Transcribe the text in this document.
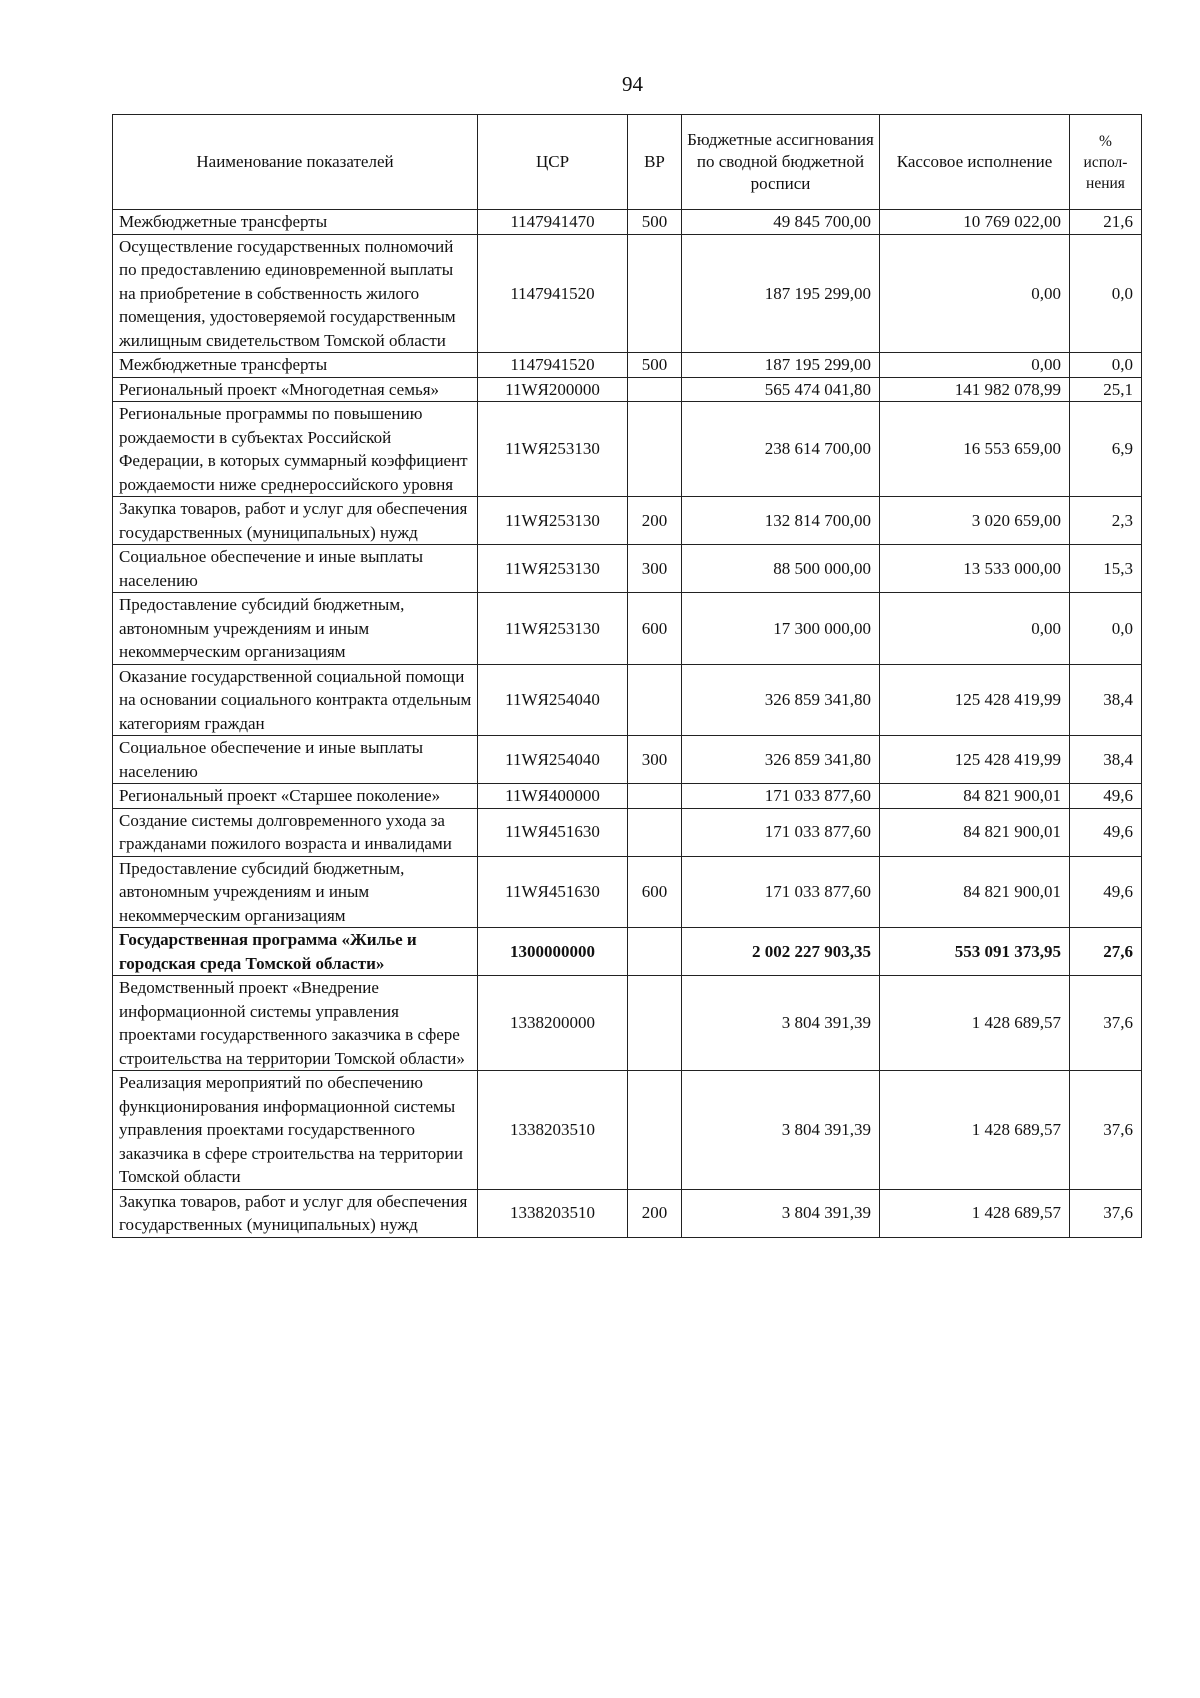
94
Наименование показателей	ЦСР	ВР	Бюджетные ассигнования по сводной бюджетной росписи	Кассовое исполнение	%
испол-
нения

Межбюджетные трансферты	1147941470	500	49 845 700,00	10 769 022,00	21,6
Осуществление государственных полномочий по предоставлению единовременной выплаты на приобретение в собственность жилого помещения, удостоверяемой государственным жилищным свидетельством Томской области	1147941520		187 195 299,00	0,00	0,0
Межбюджетные трансферты	1147941520	500	187 195 299,00	0,00	0,0
Региональный проект «Многодетная семья»	11WЯ200000		565 474 041,80	141 982 078,99	25,1
Региональные программы по повышению рождаемости в субъектах Российской Федерации, в которых суммарный коэффициент рождаемости ниже среднероссийского уровня	11WЯ253130		238 614 700,00	16 553 659,00	6,9
Закупка товаров, работ и услуг для обеспечения государственных (муниципальных) нужд	11WЯ253130	200	132 814 700,00	3 020 659,00	2,3
Социальное обеспечение и иные выплаты населению	11WЯ253130	300	88 500 000,00	13 533 000,00	15,3
Предоставление субсидий бюджетным, автономным учреждениям и иным некоммерческим организациям	11WЯ253130	600	17 300 000,00	0,00	0,0
Оказание государственной социальной помощи на основании социального контракта отдельным категориям граждан	11WЯ254040		326 859 341,80	125 428 419,99	38,4
Социальное обеспечение и иные выплаты населению	11WЯ254040	300	326 859 341,80	125 428 419,99	38,4
Региональный проект «Старшее поколение»	11WЯ400000		171 033 877,60	84 821 900,01	49,6
Создание системы долговременного ухода за гражданами пожилого возраста и инвалидами	11WЯ451630		171 033 877,60	84 821 900,01	49,6
Предоставление субсидий бюджетным, автономным учреждениям и иным некоммерческим организациям	11WЯ451630	600	171 033 877,60	84 821 900,01	49,6
Государственная программа «Жилье и городская среда Томской области»	1300000000		2 002 227 903,35	553 091 373,95	27,6
Ведомственный проект «Внедрение информационной системы управления проектами государственного заказчика в сфере строительства на территории Томской области»	1338200000		3 804 391,39	1 428 689,57	37,6
Реализация мероприятий по обеспечению функционирования информационной системы управления проектами государственного заказчика в сфере строительства на территории Томской области	1338203510		3 804 391,39	1 428 689,57	37,6
Закупка товаров, работ и услуг для обеспечения государственных (муниципальных) нужд	1338203510	200	3 804 391,39	1 428 689,57	37,6
